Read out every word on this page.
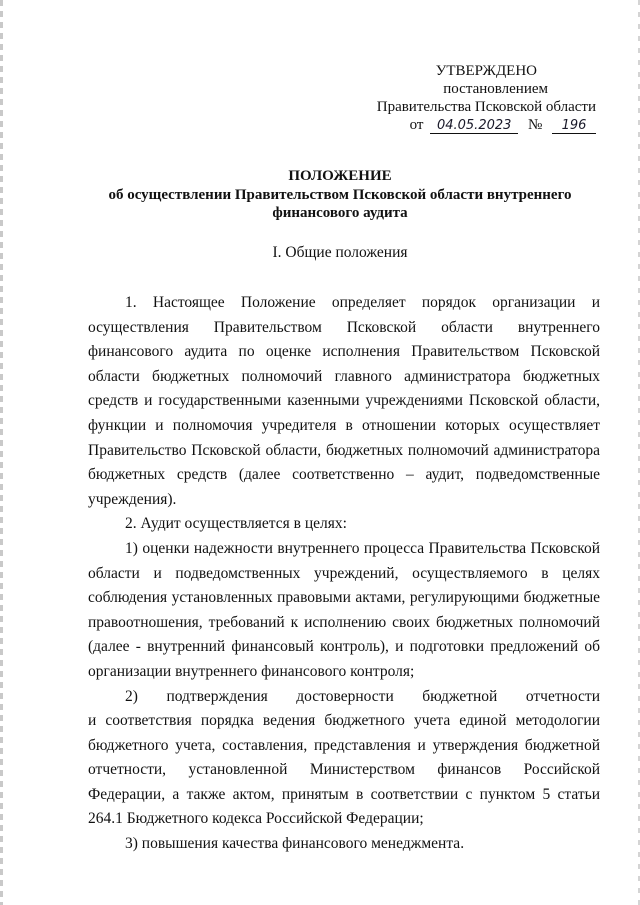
УТВЕРЖДЕНО
постановлением
Правительства Псковской области
от 04.05.2023 № 196
ПОЛОЖЕНИЕ
об осуществлении Правительством Псковской области внутреннего финансового аудита
I. Общие положения

1. Настоящее Положение определяет порядок организации и осуществления Правительством Псковской области внутреннего финансового аудита по оценке исполнения Правительством Псковской области бюджетных полномочий главного администратора бюджетных средств и государственными казенными учреждениями Псковской области, функции и полномочия учредителя в отношении которых осуществляет Правительство Псковской области, бюджетных полномочий администратора бюджетных средств (далее соответственно – аудит, подведомственные учреждения).

2. Аудит осуществляется в целях:

1) оценки надежности внутреннего процесса Правительства Псковской области и подведомственных учреждений, осуществляемого в целях соблюдения установленных правовыми актами, регулирующими бюджетные правоотношения, требований к исполнению своих бюджетных полномочий (далее - внутренний финансовый контроль), и подготовки предложений об организации внутреннего финансового контроля;

2) подтверждения достоверности бюджетной отчетности

и соответствия порядка ведения бюджетного учета единой методологии бюджетного учета, составления, представления и утверждения бюджетной отчетности, установленной Министерством финансов Российской Федерации, а также актом, принятым в соответствии с пунктом 5 статьи 264.1 Бюджетного кодекса Российской Федерации;

3) повышения качества финансового менеджмента.
